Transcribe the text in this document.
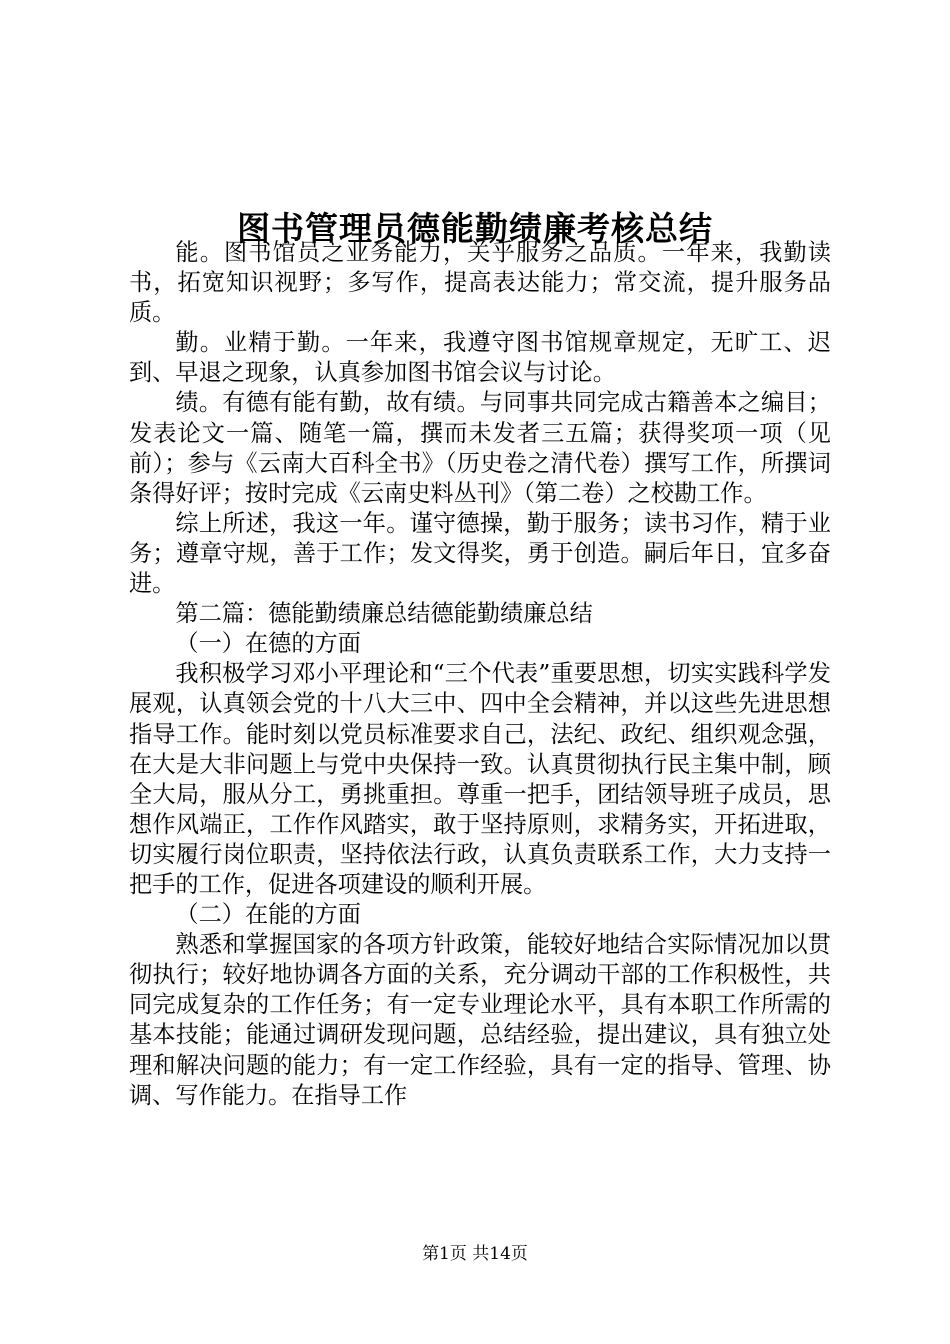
图书管理员德能勤绩廉考核总结

能。图书馆员之业务能力，关乎服务之品质。一年来，我勤读书，拓宽知识视野；多写作，提高表达能力；常交流，提升服务品质。

勤。业精于勤。一年来，我遵守图书馆规章规定，无旷工、迟到、早退之现象，认真参加图书馆会议与讨论。

绩。有德有能有勤，故有绩。与同事共同完成古籍善本之编目；发表论文一篇、随笔一篇，撰而未发者三五篇；获得奖项一项（见前）；参与《云南大百科全书》（历史卷之清代卷）撰写工作，所撰词条得好评；按时完成《云南史料丛刊》（第二卷）之校勘工作。

综上所述，我这一年。谨守德操，勤于服务；读书习作，精于业务；遵章守规，善于工作；发文得奖，勇于创造。嗣后年日，宜多奋进。

第二篇：德能勤绩廉总结德能勤绩廉总结

（一）在德的方面

我积极学习邓小平理论和“三个代表”重要思想，切实实践科学发展观，认真领会党的十八大三中、四中全会精神，并以这些先进思想指导工作。能时刻以党员标准要求自己，法纪、政纪、组织观念强，在大是大非问题上与党中央保持一致。认真贯彻执行民主集中制，顾全大局，服从分工，勇挑重担。尊重一把手，团结领导班子成员，思想作风端正，工作作风踏实，敢于坚持原则，求精务实，开拓进取，切实履行岗位职责，坚持依法行政，认真负责联系工作，大力支持一把手的工作，促进各项建设的顺利开展。

（二）在能的方面

熟悉和掌握国家的各项方针政策，能较好地结合实际情况加以贯彻执行；较好地协调各方面的关系，充分调动干部的工作积极性，共同完成复杂的工作任务；有一定专业理论水平，具有本职工作所需的基本技能；能通过调研发现问题，总结经验，提出建议，具有独立处理和解决问题的能力；有一定工作经验，具有一定的指导、管理、协调、写作能力。在指导工作

第1页 共14页
